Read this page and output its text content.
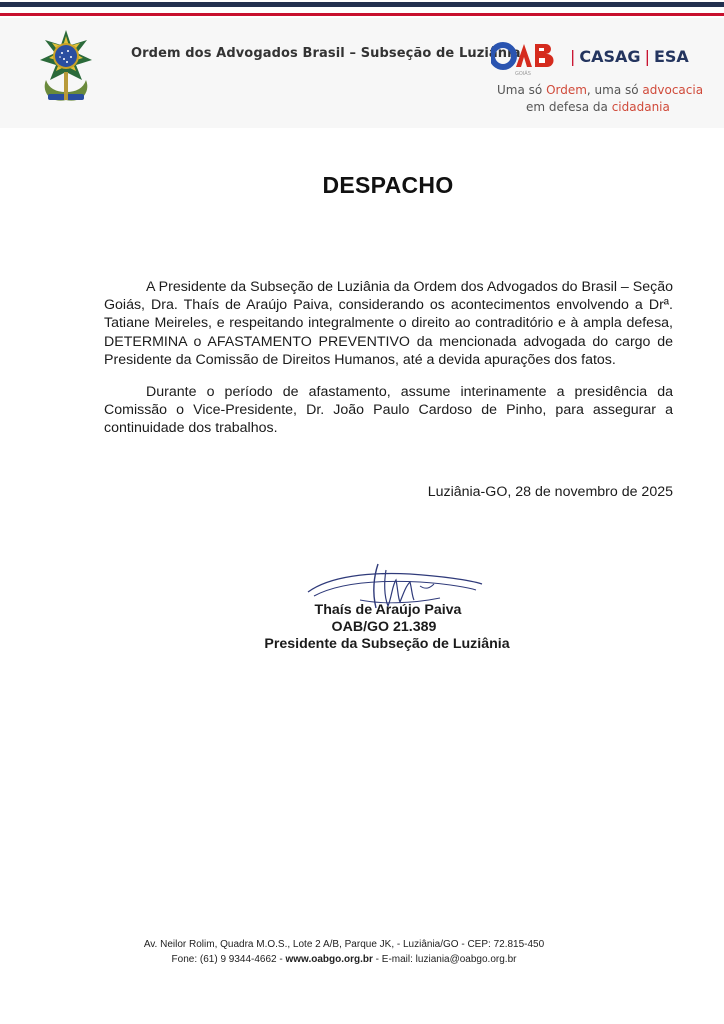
Ordem dos Advogados Brasil – Subseção de Luziânia
GOIÁS
| CASAG | ESA
Uma só Ordem, uma só advocacia
em defesa da cidadania
DESPACHO
A Presidente da Subseção de Luziânia da Ordem dos Advogados do Brasil – Seção Goiás, Dra. Thaís de Araújo Paiva, considerando os acontecimentos envolvendo a Drª. Tatiane Meireles, e respeitando integralmente o direito ao contraditório e à ampla defesa, DETERMINA o AFASTAMENTO PREVENTIVO da mencionada advogada do cargo de Presidente da Comissão de Direitos Humanos, até a devida apurações dos fatos.
Durante o período de afastamento, assume interinamente a presidência da Comissão o Vice-Presidente, Dr. João Paulo Cardoso de Pinho, para assegurar a continuidade dos trabalhos.
Luziânia-GO, 28 de novembro de 2025
Thaís de Araújo Paiva
OAB/GO 21.389
Presidente da Subseção de Luziânia
Av. Neilor Rolim, Quadra M.O.S., Lote 2 A/B, Parque JK, - Luziânia/GO - CEP: 72.815-450
Fone: (61) 9 9344-4662 - www.oabgo.org.br - E-mail: luziania@oabgo.org.br
